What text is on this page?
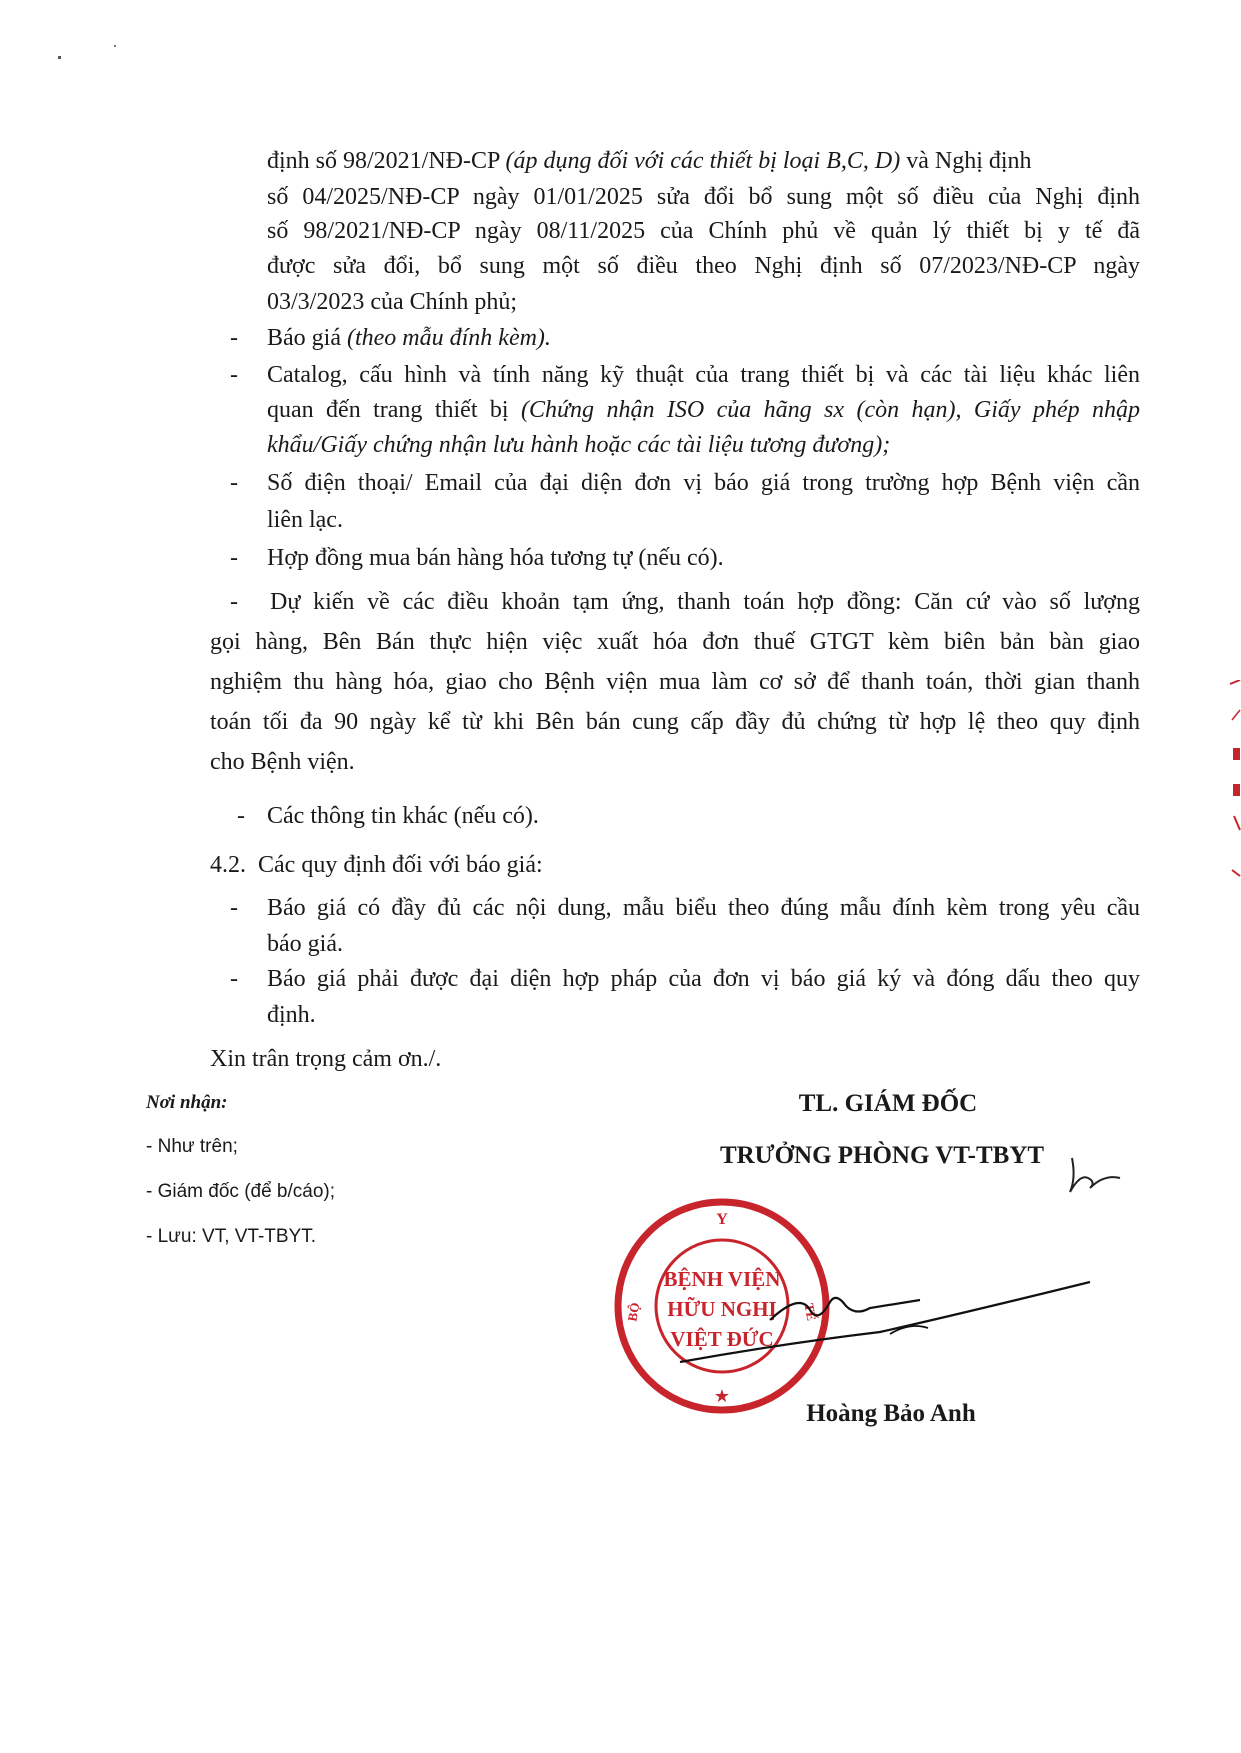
định số 98/2021/NĐ-CP (áp dụng đối với các thiết bị loại B,C, D) và Nghị định
số 04/2025/NĐ-CP ngày 01/01/2025 sửa đổi bổ sung một số điều của Nghị định
số 98/2021/NĐ-CP ngày 08/11/2025 của Chính phủ về quản lý thiết bị y tế đã
được sửa đổi, bổ sung một số điều theo Nghị định số 07/2023/NĐ-CP ngày
03/3/2023 của Chính phủ;
- Báo giá (theo mẫu đính kèm).
- Catalog, cấu hình và tính năng kỹ thuật của trang thiết bị và các tài liệu khác liên
quan đến trang thiết bị (Chứng nhận ISO của hãng sx (còn hạn), Giấy phép nhập
khẩu/Giấy chứng nhận lưu hành hoặc các tài liệu tương đương);
- Số điện thoại/ Email của đại diện đơn vị báo giá trong trường hợp Bệnh viện cần
liên lạc.
- Hợp đồng mua bán hàng hóa tương tự (nếu có).
- Dự kiến về các điều khoản tạm ứng, thanh toán hợp đồng: Căn cứ vào số lượng
gọi hàng, Bên Bán thực hiện việc xuất hóa đơn thuế GTGT kèm biên bản bàn giao
nghiệm thu hàng hóa, giao cho Bệnh viện mua làm cơ sở để thanh toán, thời gian thanh
toán tối đa 90 ngày kể từ khi Bên bán cung cấp đầy đủ chứng từ hợp lệ theo quy định
cho Bệnh viện.
- Các thông tin khác (nếu có).
4.2.  Các quy định đối với báo giá:
- Báo giá có đầy đủ các nội dung, mẫu biểu theo đúng mẫu đính kèm trong yêu cầu
báo giá.
- Báo giá phải được đại diện hợp pháp của đơn vị báo giá ký và đóng dấu theo quy
định.
Xin trân trọng cảm ơn./.
Nơi nhận:
- Như trên;
- Giám đốc (để b/cáo);
- Lưu: VT, VT-TBYT.
TL. GIÁM ĐỐC
TRƯỞNG PHÒNG VT-TBYT
Y
BỘ	TẾ
★
BỆNH VIỆN
HỮU NGHỊ
VIỆT ĐỨC
Hoàng Bảo Anh
